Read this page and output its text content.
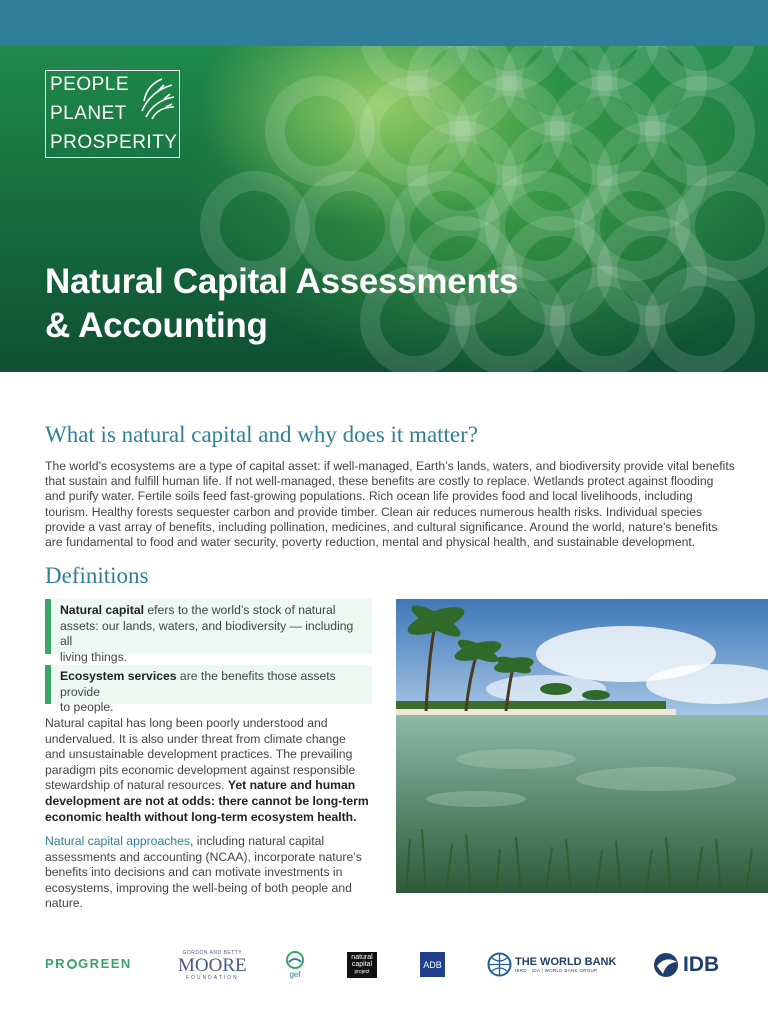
PEOPLE
PLANET
PROSPERITY
Natural Capital Assessments
& Accounting
What is natural capital and why does it matter?
The world’s ecosystems are a type of capital asset: if well-managed, Earth’s lands, waters, and biodiversity provide vital benefits
that sustain and fulfill human life. If not well-managed, these benefits are costly to replace. Wetlands protect against flooding
and purify water. Fertile soils feed fast-growing populations. Rich ocean life provides food and local livelihoods, including
tourism. Healthy forests sequester carbon and provide timber. Clean air reduces numerous health risks. Individual species
provide a vast array of benefits, including pollination, medicines, and cultural significance. Around the world, nature’s benefits
are fundamental to food and water security, poverty reduction, mental and physical health, and sustainable development.
Definitions
Natural capital efers to the world’s stock of natural
assets: our lands, waters, and biodiversity — including all
living things.
Ecosystem services are the benefits those assets provide
to people.
Natural capital has long been poorly understood and
undervalued. It is also under threat from climate change
and unsustainable development practices. The prevailing
paradigm pits economic development against responsible
stewardship of natural resources. Yet nature and human
development are not at odds: there cannot be long-term
economic health without long-term ecosystem health.
Natural capital approaches, including natural capital
assessments and accounting (NCAA), incorporate nature’s
benefits into decisions and can motivate investments in
ecosystems, improving the well-being of both people and nature.
PR GREEN
GORDON AND BETTY
MOORE
FOUNDATION	gef
natural
capital
project
ADB	THE WORLD BANK
IBRD · IDA | WORLD BANK GROUP	IDB
